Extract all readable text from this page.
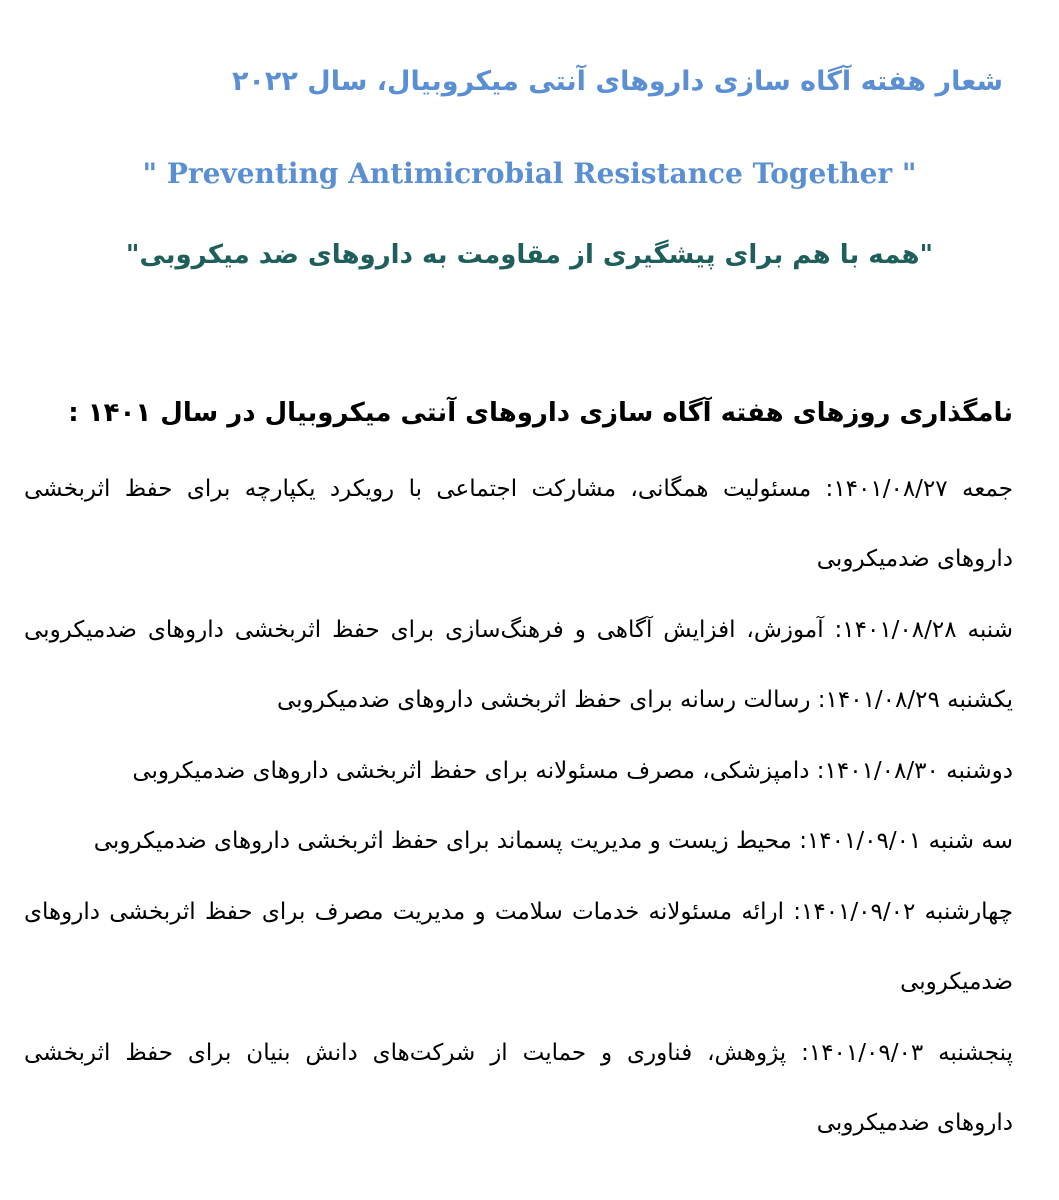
شعار هفته آگاه سازی داروهای آنتی میکروبیال، سال ۲۰۲۲
" Preventing Antimicrobial Resistance Together "
"همه با هم برای پیشگیری از مقاومت به داروهای ضد میکروبی"
نامگذاری روزهای هفته آگاه سازی داروهای آنتی میکروبیال در سال ۱۴۰۱ :
جمعه ۱۴۰۱/۰۸/۲۷: مسئولیت همگانی، مشارکت اجتماعی با رویکرد یکپارچه برای حفظ اثربخشی
داروهای ضدمیکروبی
شنبه ۱۴۰۱/۰۸/۲۸: آموزش، افزایش آگاهی و فرهنگ‌سازی برای حفظ اثربخشی داروهای ضدمیکروبی
یکشنبه ۱۴۰۱/۰۸/۲۹: رسالت رسانه برای حفظ اثربخشی داروهای ضدمیکروبی
دوشنبه ۱۴۰۱/۰۸/۳۰: دامپزشکی، مصرف مسئولانه برای حفظ اثربخشی داروهای ضدمیکروبی
سه شنبه ۱۴۰۱/۰۹/۰۱: محیط زیست و مدیریت پسماند برای حفظ اثربخشی داروهای ضدمیکروبی
چهارشنبه ۱۴۰۱/۰۹/۰۲: ارائه مسئولانه خدمات سلامت و مدیریت مصرف برای حفظ اثربخشی داروهای
ضدمیکروبی
پنجشنبه ۱۴۰۱/۰۹/۰۳: پژوهش، فناوری و حمایت از شرکت‌های دانش بنیان برای حفظ اثربخشی
داروهای ضدمیکروبی
